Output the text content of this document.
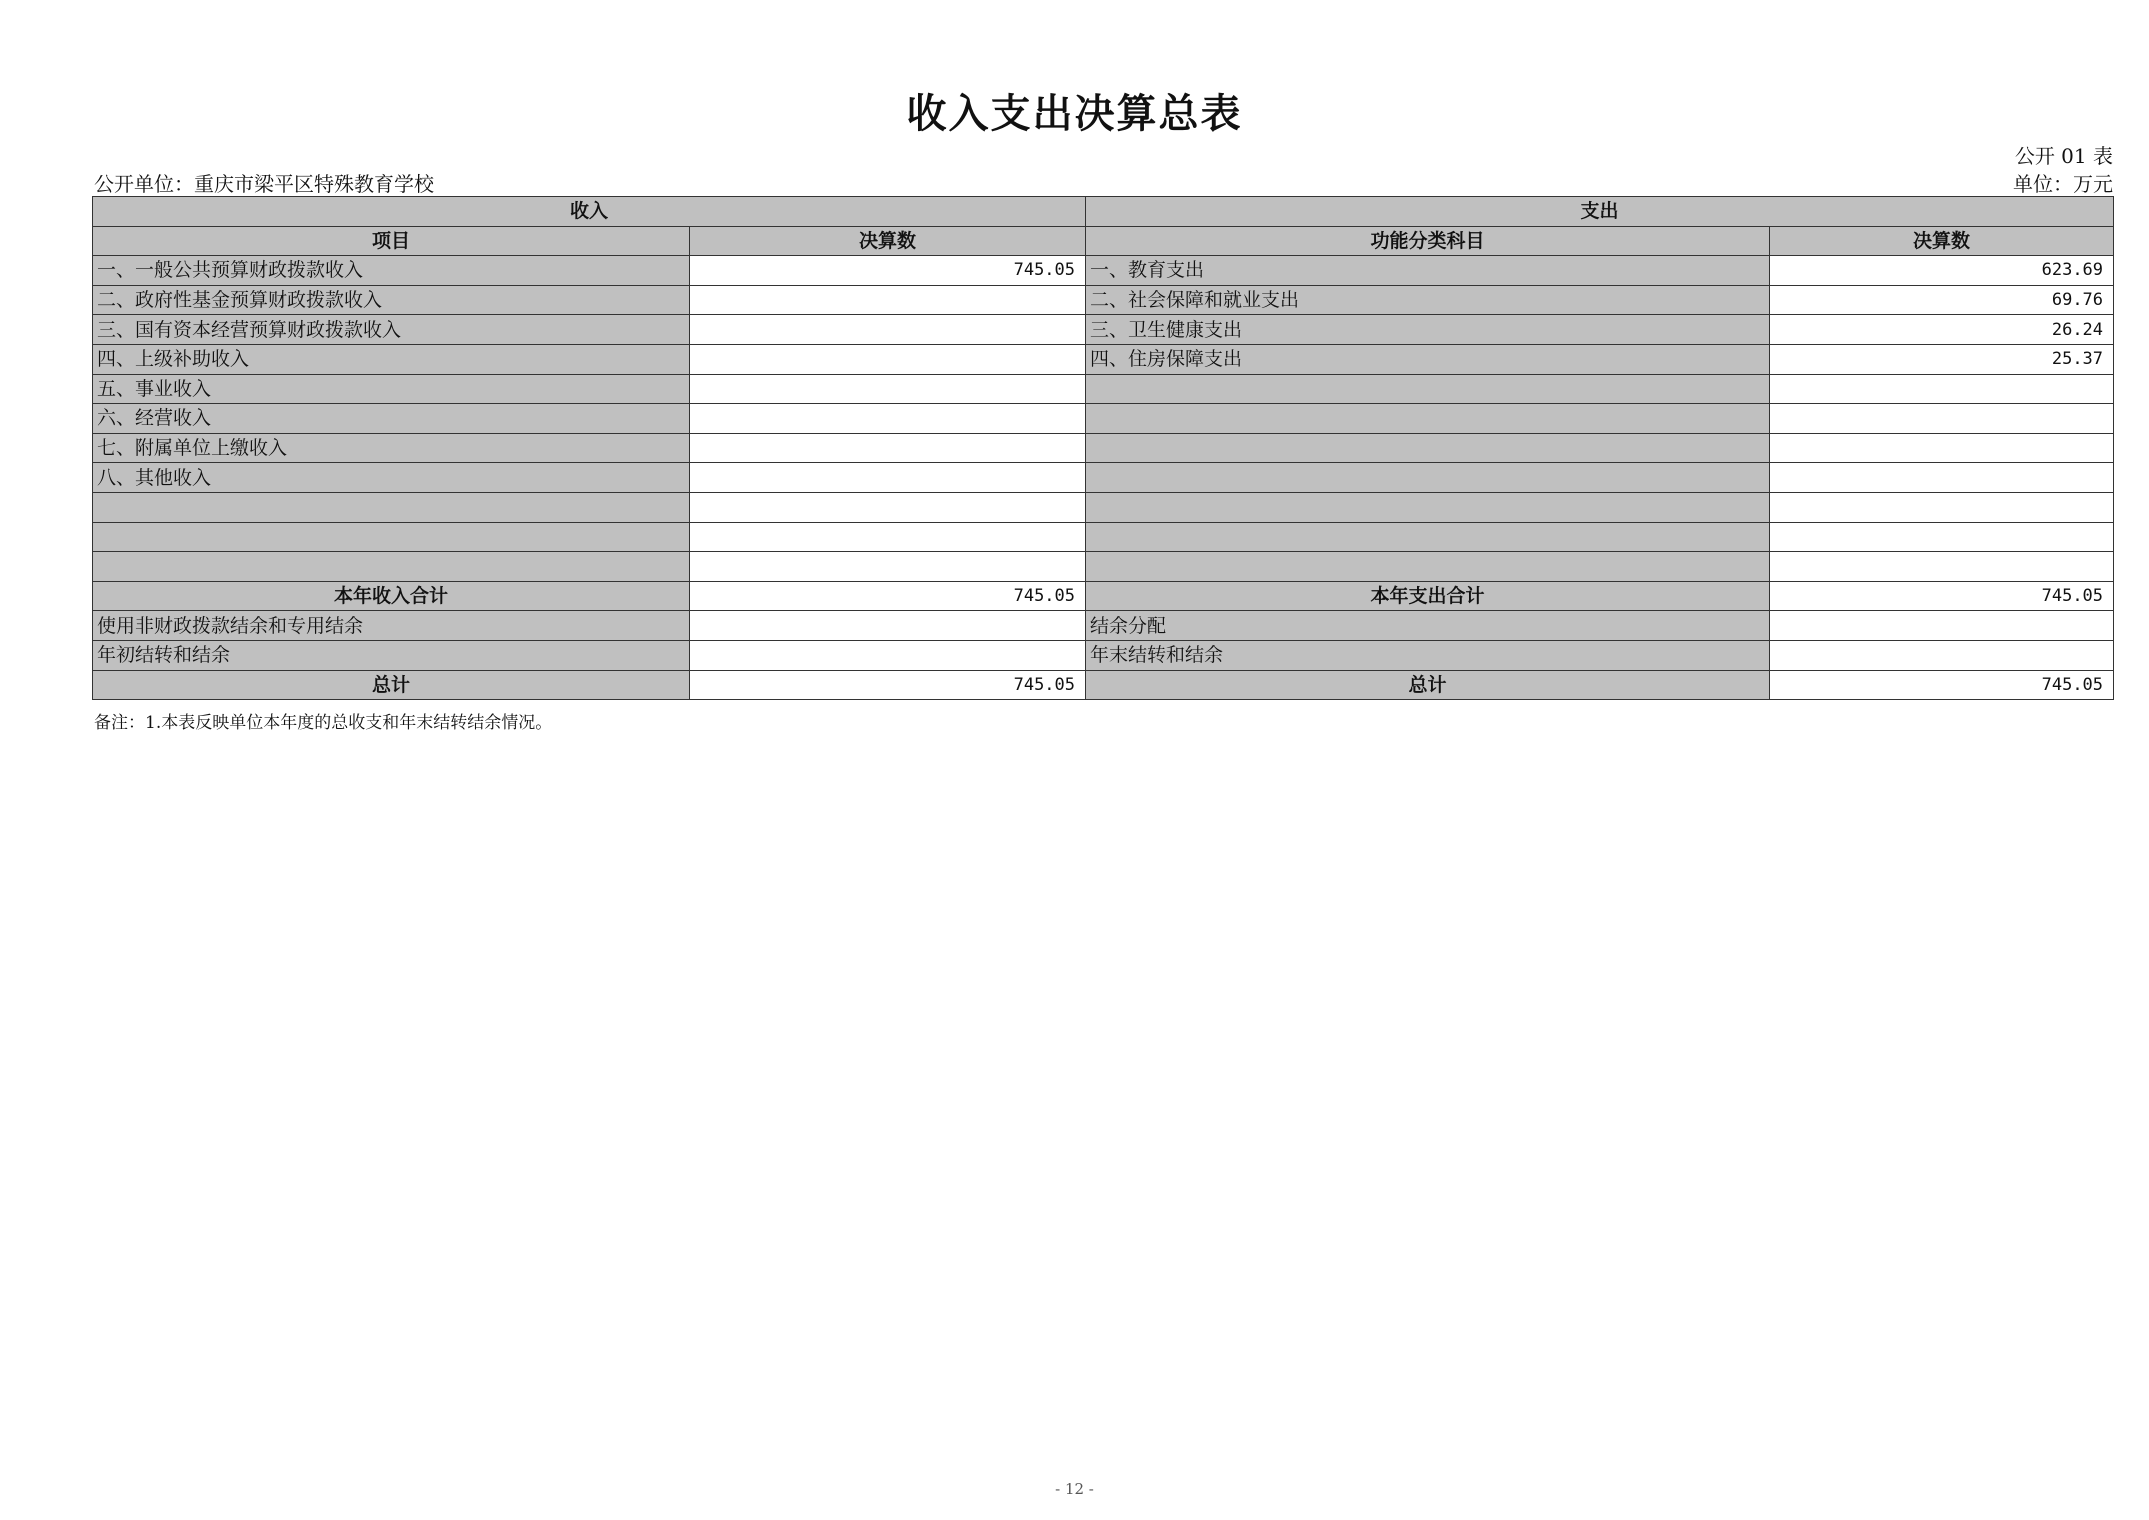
收入支出决算总表
公开 01 表
公开单位：重庆市梁平区特殊教育学校	单位：万元
收入		支出	
项目	决算数	功能分类科目	决算数
一、一般公共预算财政拨款收入	745.05	一、教育支出	623.69
二、政府性基金预算财政拨款收入		二、社会保障和就业支出	69.76
三、国有资本经营预算财政拨款收入		三、卫生健康支出	26.24
四、上级补助收入		四、住房保障支出	25.37
五、事业收入			
六、经营收入			
七、附属单位上缴收入			
八、其他收入			

本年收入合计	745.05	本年支出合计	745.05
使用非财政拨款结余和专用结余		结余分配	
年初结转和结余		年末结转和结余	
总计	745.05	总计	745.05
备注：1.本表反映单位本年度的总收支和年末结转结余情况。
- 12 -
